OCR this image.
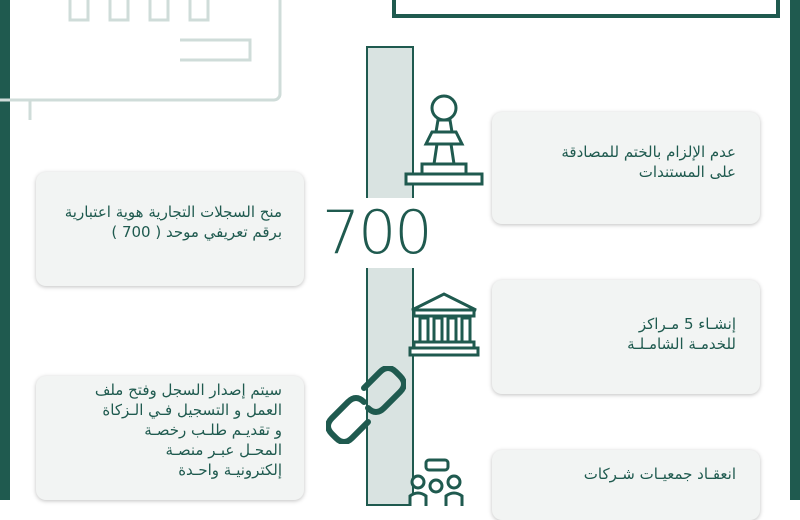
700
عدم الإلزام بالختم للمصادقة
على المستندات
منح السجلات التجارية هوية اعتبارية
برقم تعريفي موحد ( 700 )
إنشـاء 5 مـراكز
للخدمـة الشامـلـة
سيتم إصدار السجل وفتح ملف
العمل و التسجيل فـي الـزكاة
و تقديـم طلـب رخصـة
المحـل عبـر منصـة
إلكترونيـة واحـدة	انعقـاد جمعيـات شـركات
